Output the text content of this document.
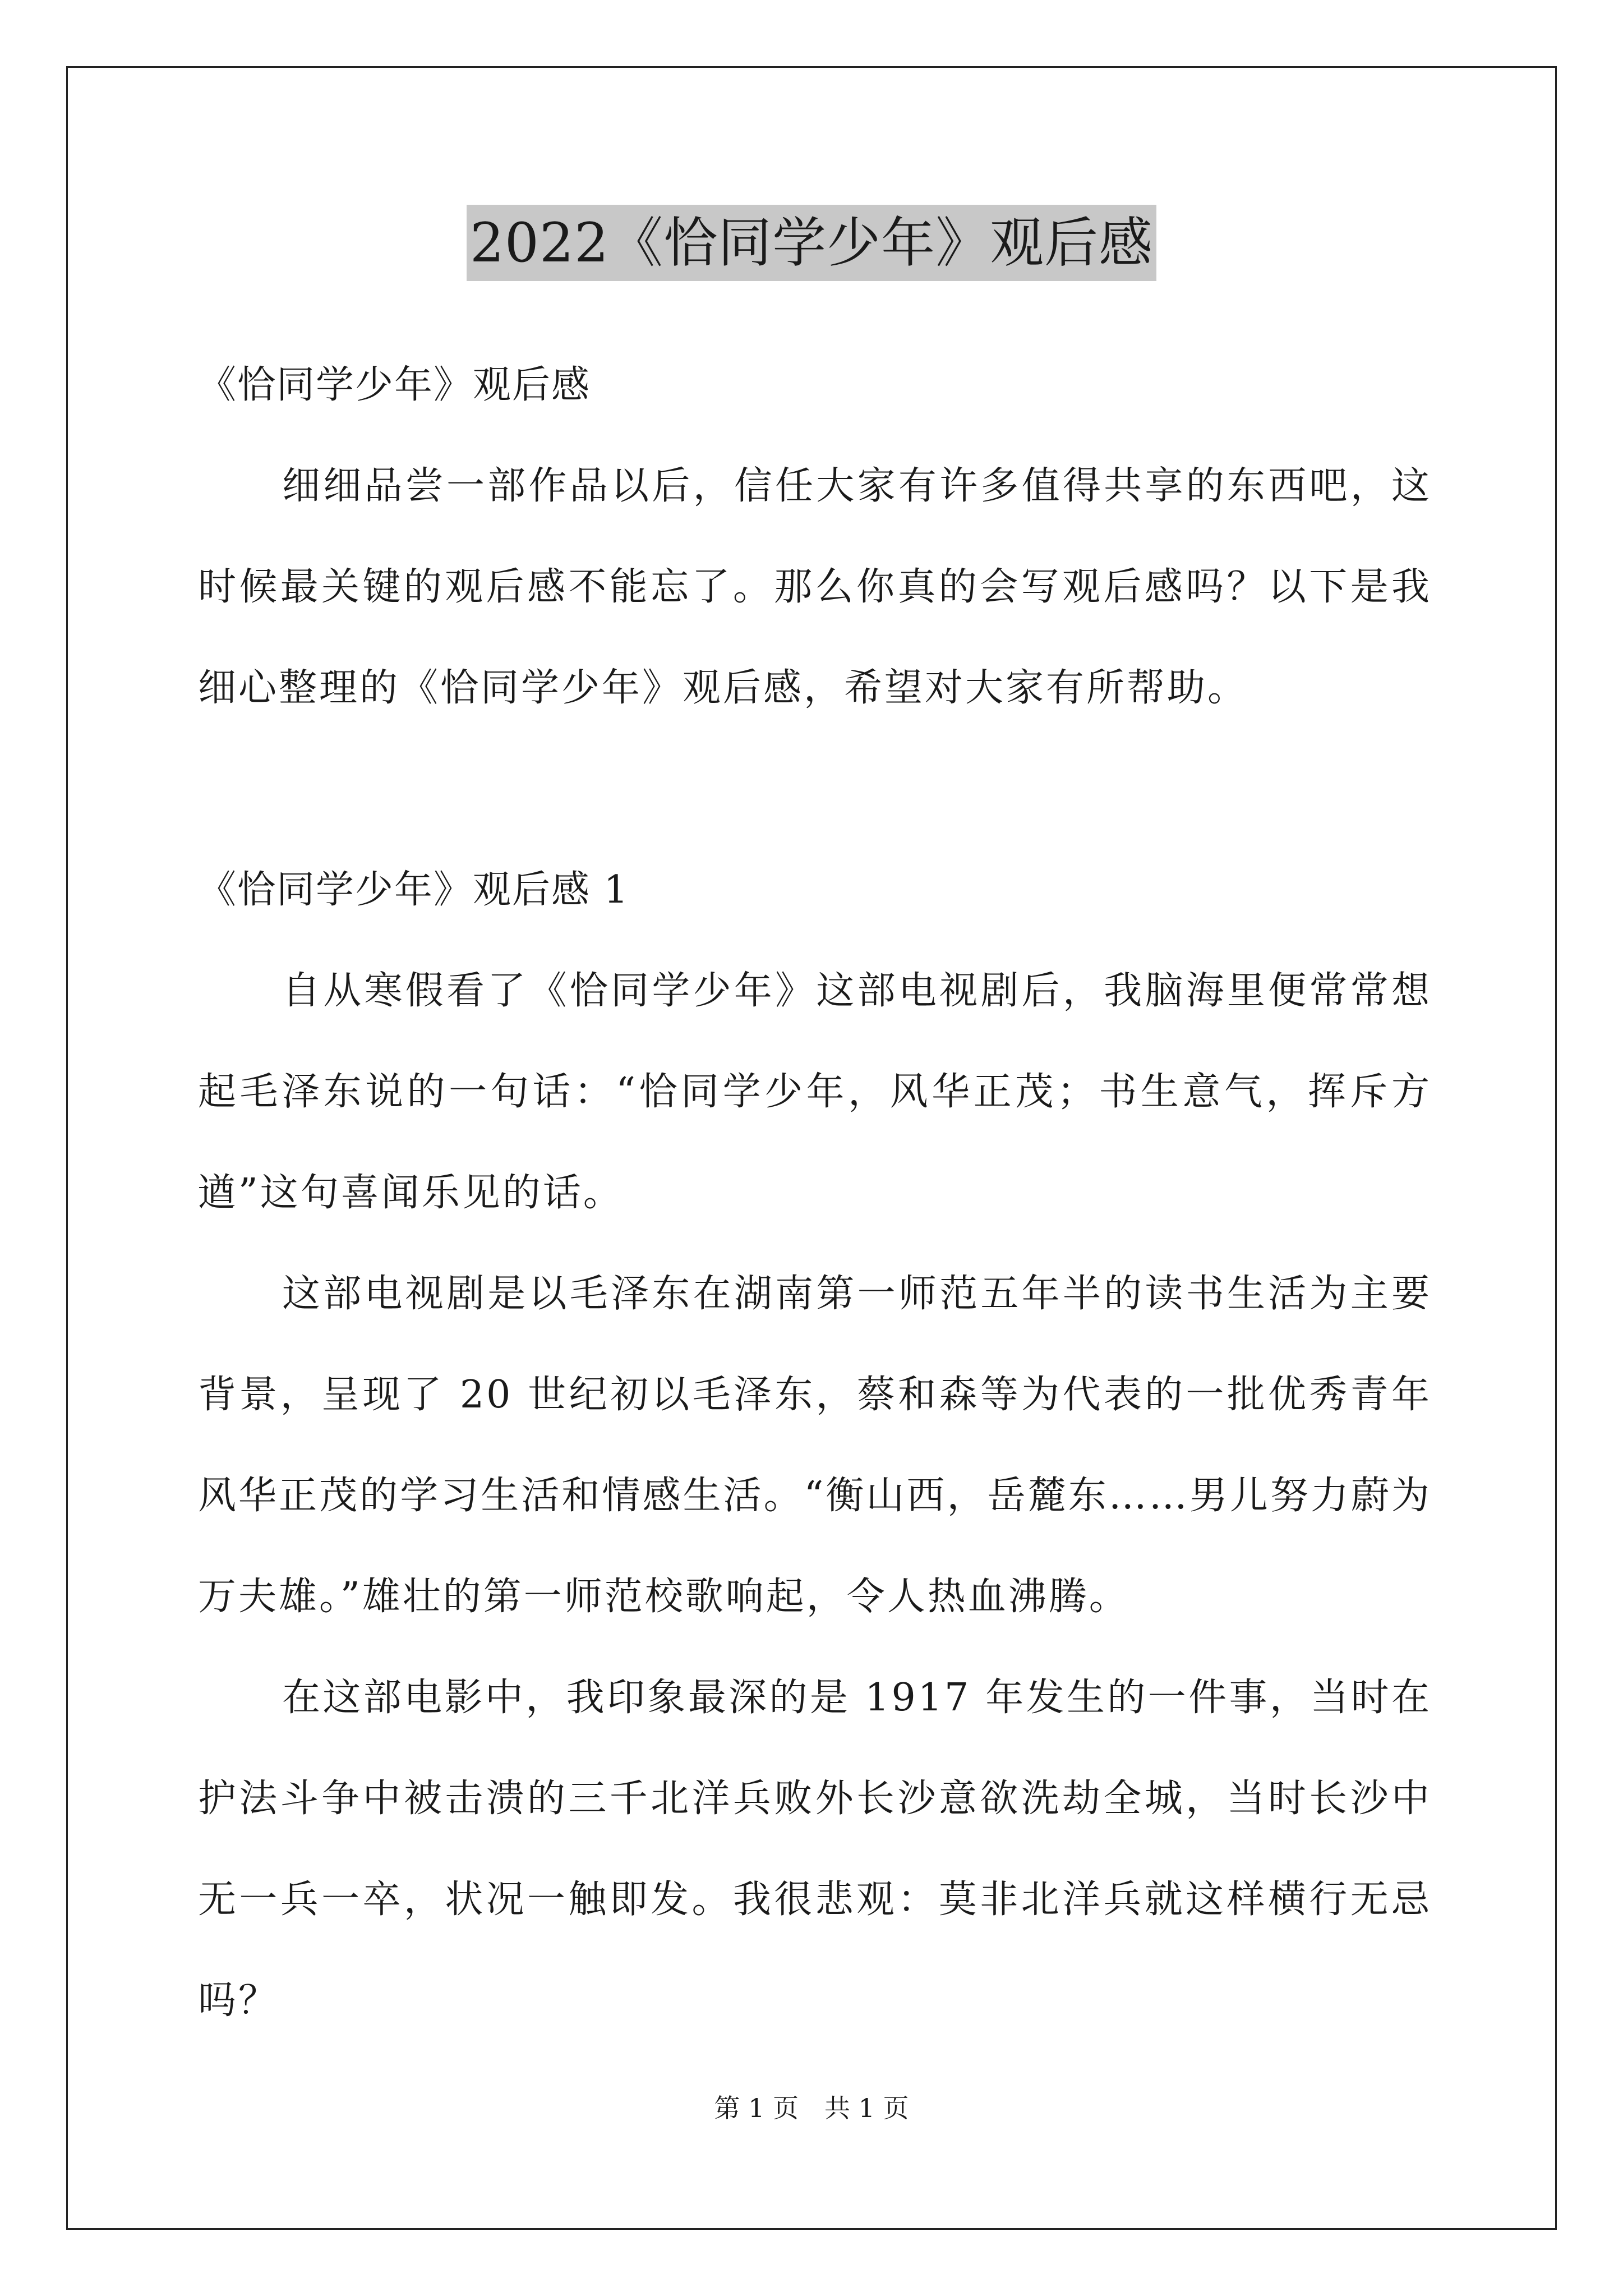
2022《恰同学少年》观后感

《恰同学少年》观后感

细细品尝一部作品以后，信任大家有许多值得共享的东西吧，这时候最关键的观后感不能忘了。那么你真的会写观后感吗？以下是我细心整理的《恰同学少年》观后感，希望对大家有所帮助。

《恰同学少年》观后感 1

自从寒假看了《恰同学少年》这部电视剧后，我脑海里便常常想起毛泽东说的一句话：“恰同学少年，风华正茂；书生意气，挥斥方遒”这句喜闻乐见的话。

这部电视剧是以毛泽东在湖南第一师范五年半的读书生活为主要背景，呈现了 20 世纪初以毛泽东，蔡和森等为代表的一批优秀青年风华正茂的学习生活和情感生活。“衡山西，岳麓东……男儿努力蔚为万夫雄。”雄壮的第一师范校歌响起，令人热血沸腾。

在这部电影中，我印象最深的是 1917 年发生的一件事，当时在护法斗争中被击溃的三千北洋兵败外长沙意欲洗劫全城，当时长沙中无一兵一卒，状况一触即发。我很悲观：莫非北洋兵就这样横行无忌吗？

第 1 页 共 1 页
